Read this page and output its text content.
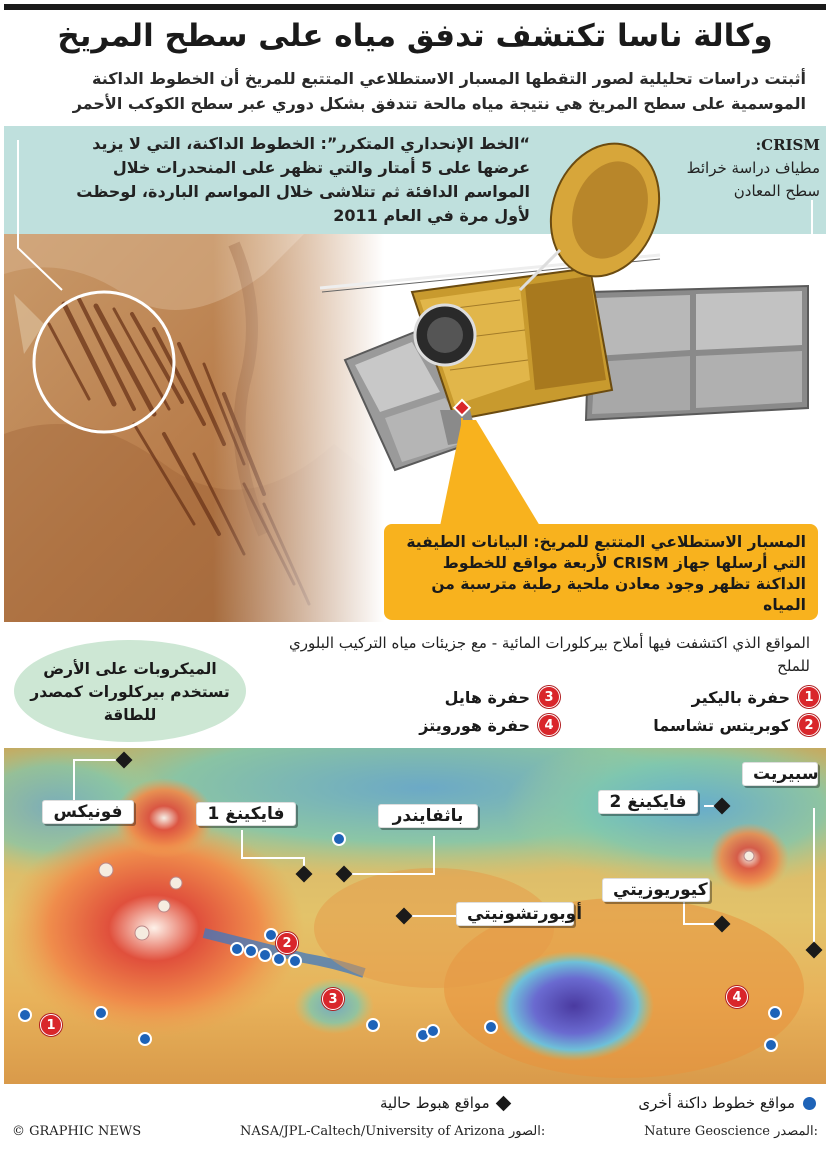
وكالة ناسا تكتشف تدفق مياه على سطح المريخ

أثبتت دراسات تحليلية لصور التقطها المسبار الاستطلاعي المتتبع للمريخ أن الخطوط الداكنة الموسمية على سطح المريخ هي نتيجة مياه مالحة تتدفق بشكل دوري عبر سطح الكوكب الأحمر

“الخط الإنحداري المتكرر”: الخطوط الداكنة، التي لا يزيد عرضها على 5 أمتار والتي تظهر على المنحدرات خلال المواسم الدافئة ثم تتلاشى خلال المواسم الباردة، لوحظت لأول مرة في العام 2011

CRISM:
مطياف دراسة خرائط سطح المعادن
المسبار الاستطلاعي المتتبع للمريخ: البيانات الطيفية التي أرسلها جهاز CRISM لأربعة مواقع للخطوط الداكنة تظهر وجود معادن ملحية رطبة مترسبة من المياه

المواقع الذي اكتشفت فيها أملاح بيركلورات المائية - مع جزيئات مياه التركيب البلوري للملح

1
حفرة باليكير
2
كوبريتس تشاسما
3
حفرة هايل
4
حفرة هورويتز
الميكروبات على الأرض تستخدم بيركلورات كمصدر للطاقة
فونيكس	فايكينغ 1	باثفايندر
أوبورتشونيتي
فايكينغ 2
كيوريوزيتي
سبيريت
2
1
3	4
مواقع خطوط داكنة أخرى
مواقع هبوط حالية
© GRAPHIC NEWS	NASA/JPL-Caltech/University of Arizona الصور:	Nature Geoscience المصدر:
